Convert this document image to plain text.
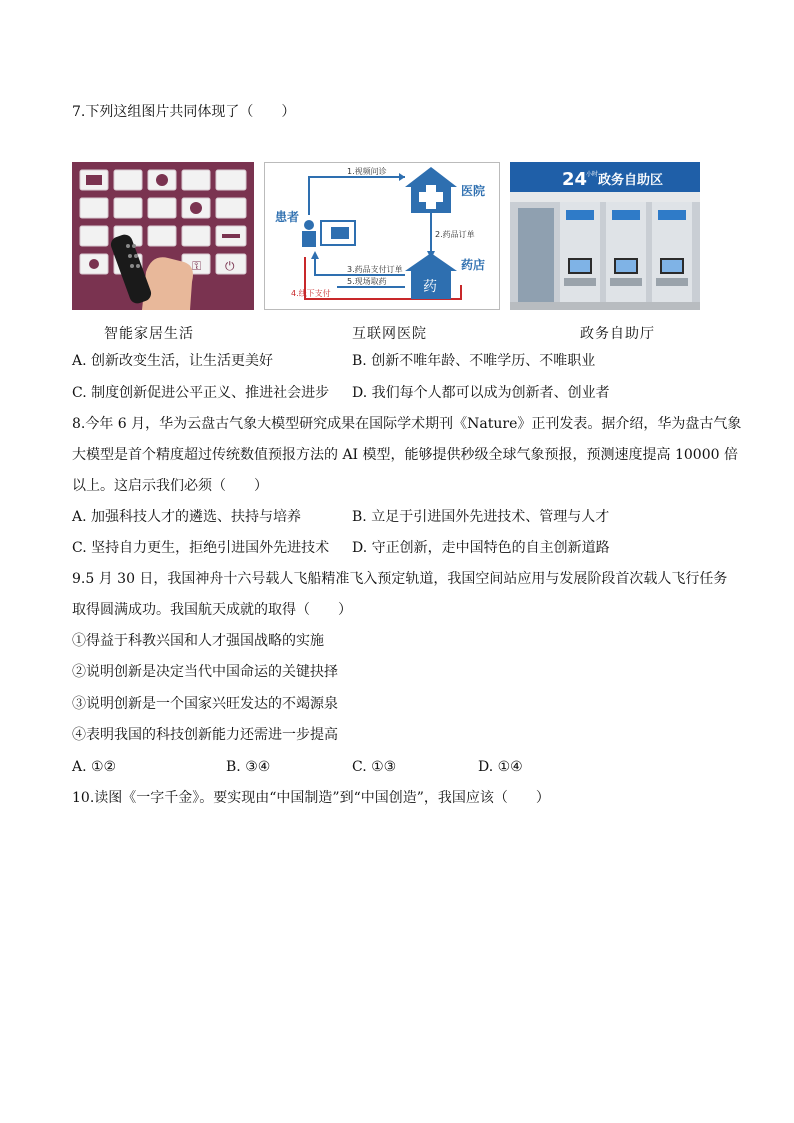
7.下列这组图片共同体现了（　　）
⚿ ⏻
药
患者
医院
药店
1.视频问诊
2.药品订单
3.药品支付订单
4.线下支付
5.现场取药
24
小时 政务自助区
智能家居生活	互联网医院	政务自助厅
A. 创新改变生活，让生活更美好	B. 创新不唯年龄、不唯学历、不唯职业
C. 制度创新促进公平正义、推进社会进步 D. 我们每个人都可以成为创新者、创业者
8.今年 6 月，华为云盘古气象大模型研究成果在国际学术期刊《Nature》正刊发表。据介绍，华为盘古气象
大模型是首个精度超过传统数值预报方法的 AI 模型，能够提供秒级全球气象预报，预测速度提高 10000 倍
以上。这启示我们必须（　　）
A. 加强科技人才的遴选、扶持与培养	B. 立足于引进国外先进技术、管理与人才
C. 坚持自力更生，拒绝引进国外先进技术 D. 守正创新，走中国特色的自主创新道路
9.5 月 30 日，我国神舟十六号载人飞船精准飞入预定轨道，我国空间站应用与发展阶段首次载人飞行任务
取得圆满成功。我国航天成就的取得（　　）
①得益于科教兴国和人才强国战略的实施
②说明创新是决定当代中国命运的关键抉择
③说明创新是一个国家兴旺发达的不竭源泉
④表明我国的科技创新能力还需进一步提高
A. ①②	B. ③④	C. ①③	D. ①④
10.读图《一字千金》。要实现由“中国制造”到“中国创造”，我国应该（　　）
